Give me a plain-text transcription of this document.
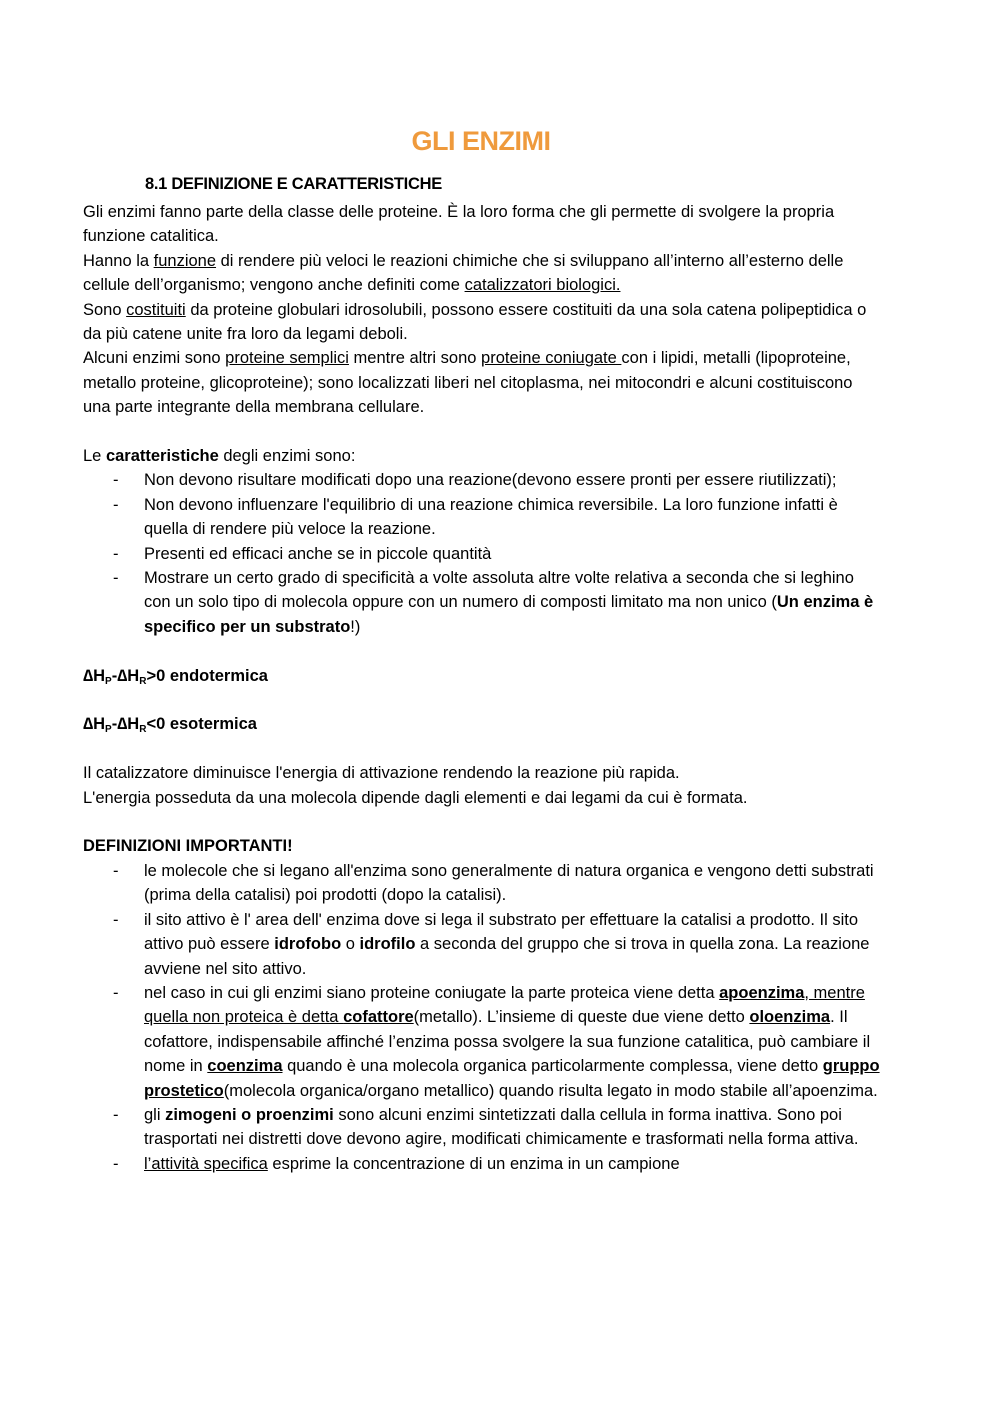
GLI ENZIMI
8.1 DEFINIZIONE E CARATTERISTICHE

Gli enzimi fanno parte della classe delle proteine. È la loro forma che gli permette di svolgere la propria funzione catalitica.

Hanno la funzione di rendere più veloci le reazioni chimiche che si sviluppano all’interno all’esterno delle cellule dell’organismo; vengono anche definiti come catalizzatori biologici.

Sono costituiti da proteine globulari idrosolubili, possono essere costituiti da una sola catena polipeptidica o da più catene unite fra loro da legami deboli.

Alcuni enzimi sono proteine semplici mentre altri sono proteine coniugate con i lipidi, metalli (lipoproteine, metallo proteine, glicoproteine); sono localizzati liberi nel citoplasma, nei mitocondri e alcuni costituiscono una parte integrante della membrana cellulare.

Le caratteristiche degli enzimi sono:

- Non devono risultare modificati dopo una reazione(devono essere pronti per essere riutilizzati);
- Non devono influenzare l'equilibrio di una reazione chimica reversibile. La loro funzione infatti è quella di rendere più veloce la reazione.
- Presenti ed efficaci anche se in piccole quantità
- Mostrare un certo grado di specificità a volte assoluta altre volte relativa a seconda che si leghino con un solo tipo di molecola oppure con un numero di composti limitato ma non unico (Un enzima è specifico per un substrato!)

$\Delta H_P-\Delta H_R>0$ endotermica

$\Delta H_P-\Delta H_R<0$ esotermica

Il catalizzatore diminuisce l'energia di attivazione rendendo la reazione più rapida.

L'energia posseduta da una molecola dipende dagli elementi e dai legami da cui è formata.

DEFINIZIONI IMPORTANTI!

- le molecole che si legano all'enzima sono generalmente di natura organica e vengono detti substrati (prima della catalisi) poi prodotti (dopo la catalisi).
- il sito attivo è l' area dell' enzima dove si lega il substrato per effettuare la catalisi a prodotto. Il sito attivo può essere idrofobo o idrofilo a seconda del gruppo che si trova in quella zona. La reazione avviene nel sito attivo.
- nel caso in cui gli enzimi siano proteine coniugate la parte proteica viene detta apoenzima, mentre quella non proteica è detta cofattore(metallo). L’insieme di queste due viene detto oloenzima. Il cofattore, indispensabile affinché l’enzima possa svolgere la sua funzione catalitica, può cambiare il nome in coenzima quando è una molecola organica particolarmente complessa, viene detto gruppo prostetico(molecola organica/organo metallico) quando risulta legato in modo stabile all’apoenzima.
- gli zimogeni o proenzimi sono alcuni enzimi sintetizzati dalla cellula in forma inattiva. Sono poi trasportati nei distretti dove devono agire, modificati chimicamente e trasformati nella forma attiva.
- l’attività specifica esprime la concentrazione di un enzima in un campione
